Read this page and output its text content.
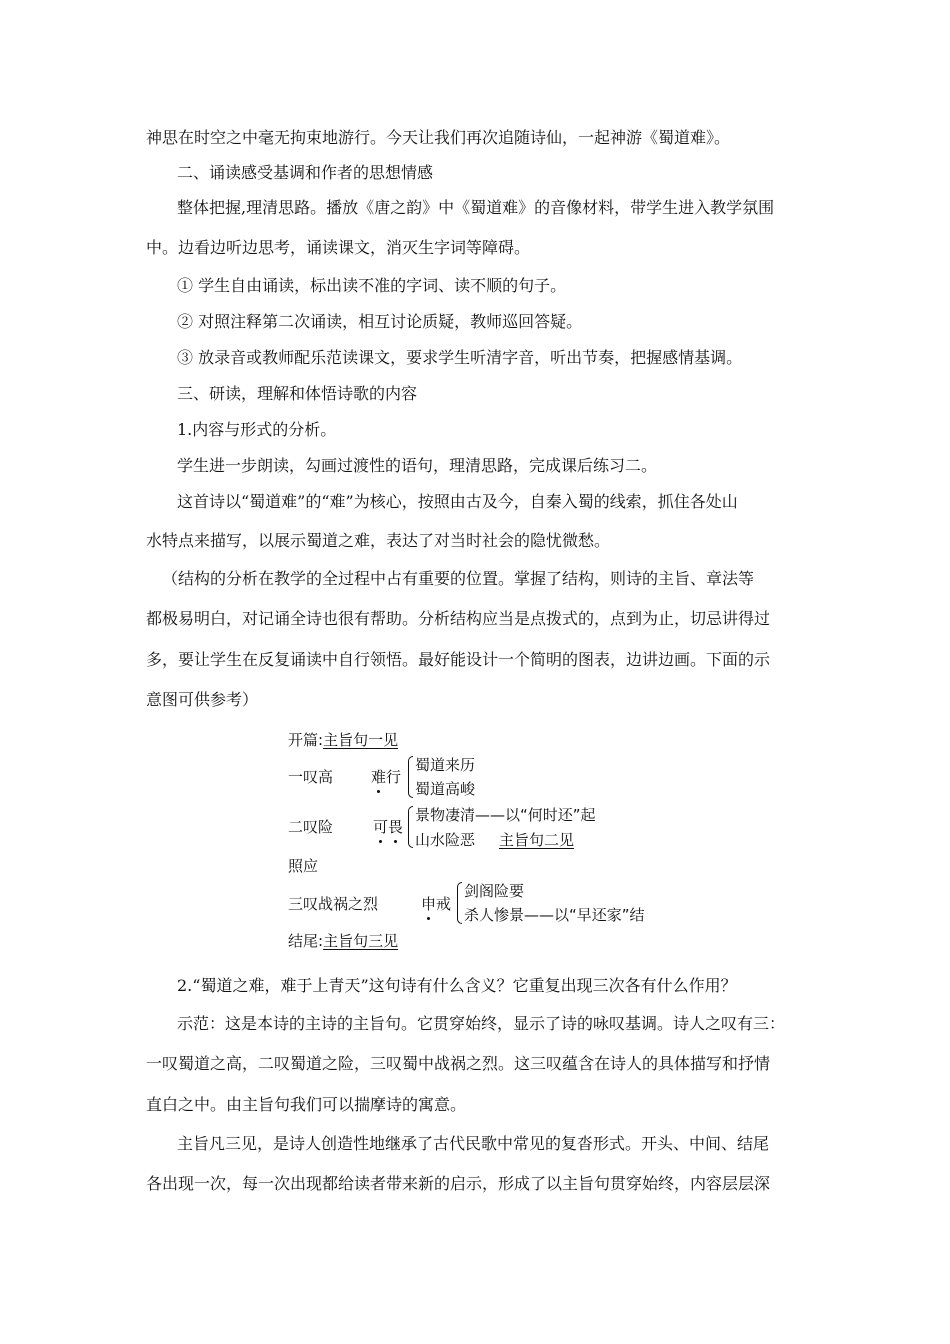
神思在时空之中毫无拘束地游行。今天让我们再次追随诗仙，一起神游《蜀道难》。
二、诵读感受基调和作者的思想情感
整体把握,理清思路。播放《唐之韵》中《蜀道难》的音像材料，带学生进入教学氛围
中。边看边听边思考，诵读课文，消灭生字词等障碍。
① 学生自由诵读，标出读不准的字词、读不顺的句子。
② 对照注释第二次诵读，相互讨论质疑，教师巡回答疑。
③ 放录音或教师配乐范读课文，要求学生听清字音，听出节奏，把握感情基调。
三、研读，理解和体悟诗歌的内容
1.内容与形式的分析。
学生进一步朗读，勾画过渡性的语句，理清思路，完成课后练习二。
这首诗以“蜀道难”的“难”为核心，按照由古及今，自秦入蜀的线索，抓住各处山
水特点来描写，以展示蜀道之难，表达了对当时社会的隐忧微愁。
（结构的分析在教学的全过程中占有重要的位置。掌握了结构，则诗的主旨、章法等
都极易明白，对记诵全诗也很有帮助。分析结构应当是点拨式的，点到为止，切忌讲得过
多，要让学生在反复诵读中自行领悟。最好能设计一个简明的图表，边讲边画。下面的示
意图可供参考）
开篇:主旨句一见
一叹高	难行
蜀道来历
蜀道高峻
二叹险	可畏
景物凄清——以“何时还”起
山水险恶 主旨句二见
照应
三叹战祸之烈	申戒
剑阁险要
杀人惨景——以“早还家”结
结尾:主旨句三见
2.“蜀道之难，难于上青天”这句诗有什么含义？它重复出现三次各有什么作用？
示范：这是本诗的主诗的主旨句。它贯穿始终，显示了诗的咏叹基调。诗人之叹有三：
一叹蜀道之高，二叹蜀道之险，三叹蜀中战祸之烈。这三叹蕴含在诗人的具体描写和抒情
直白之中。由主旨句我们可以揣摩诗的寓意。
主旨凡三见，是诗人创造性地继承了古代民歌中常见的复沓形式。开头、中间、结尾
各出现一次，每一次出现都给读者带来新的启示，形成了以主旨句贯穿始终，内容层层深
